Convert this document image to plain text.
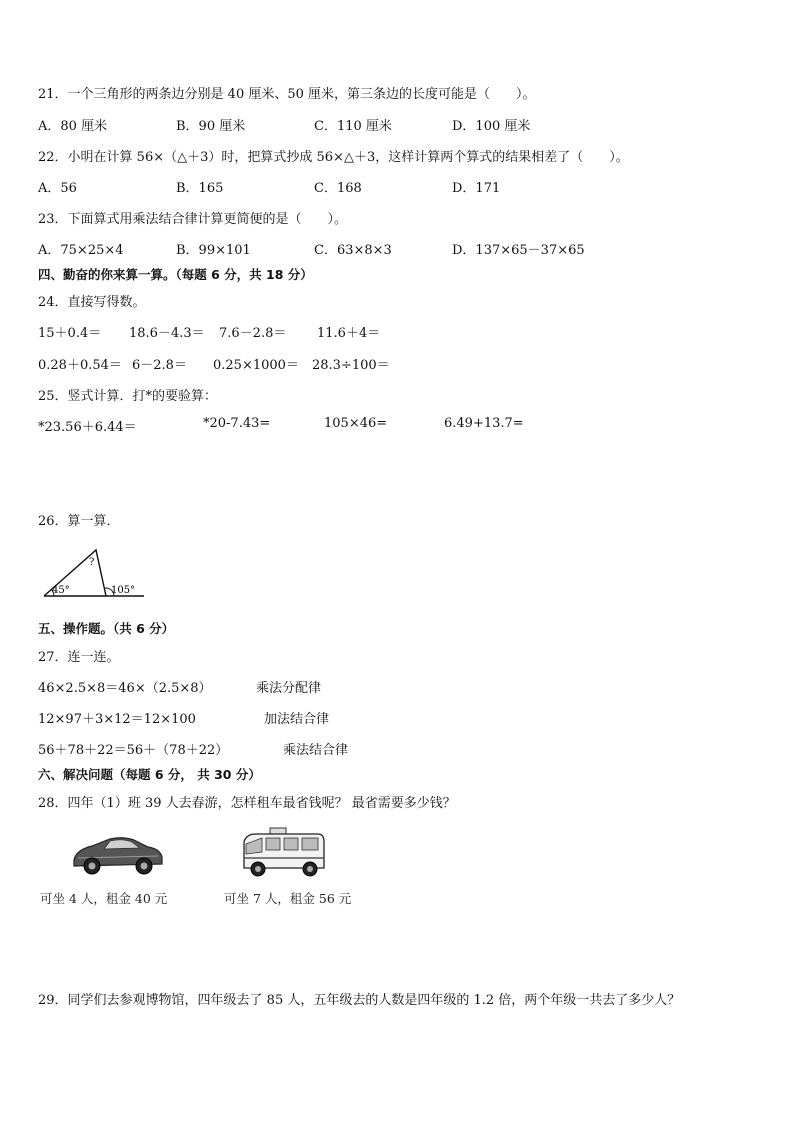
21．一个三角形的两条边分别是 40 厘米、50 厘米，第三条边的长度可能是（　　）。
A．80 厘米	B．90 厘米	C．110 厘米	D．100 厘米
22．小明在计算 56×（△＋3）时，把算式抄成 56×△＋3，这样计算两个算式的结果相差了（　　）。
A．56	B．165	C．168	D．171
23．下面算式用乘法结合律计算更简便的是（　　）。
A．75×25×4	B．99×101	C．63×8×3	D．137×65－37×65
四、勤奋的你来算一算。（每题 6 分，共 18 分）
24．直接写得数。
15＋0.4＝ 18.6－4.3＝ 7.6－2.8＝ 11.6＋4＝
0.28＋0.54＝ 6－2.8＝ 0.25×1000＝ 28.3÷100＝
25．竖式计算．打*的要验算：
*23.56＋6.44＝	*20-7.43=	105×46=	6.49+13.7=
26．算一算．
45°
?
105°
五、操作题。（共 6 分）
27．连一连。
46×2.5×8＝46×（2.5×8）
12×97＋3×12＝12×100
56＋78＋22＝56＋（78＋22）
乘法分配律
加法结合律
乘法结合律
六、解决问题（每题 6 分， 共 30 分）
28．四年（1）班 39 人去春游，怎样租车最省钱呢？ 最省需要多少钱？
可坐 4 人，租金 40 元	可坐 7 人，租金 56 元
29．同学们去参观博物馆，四年级去了 85 人，五年级去的人数是四年级的 1.2 倍，两个年级一共去了多少人？
